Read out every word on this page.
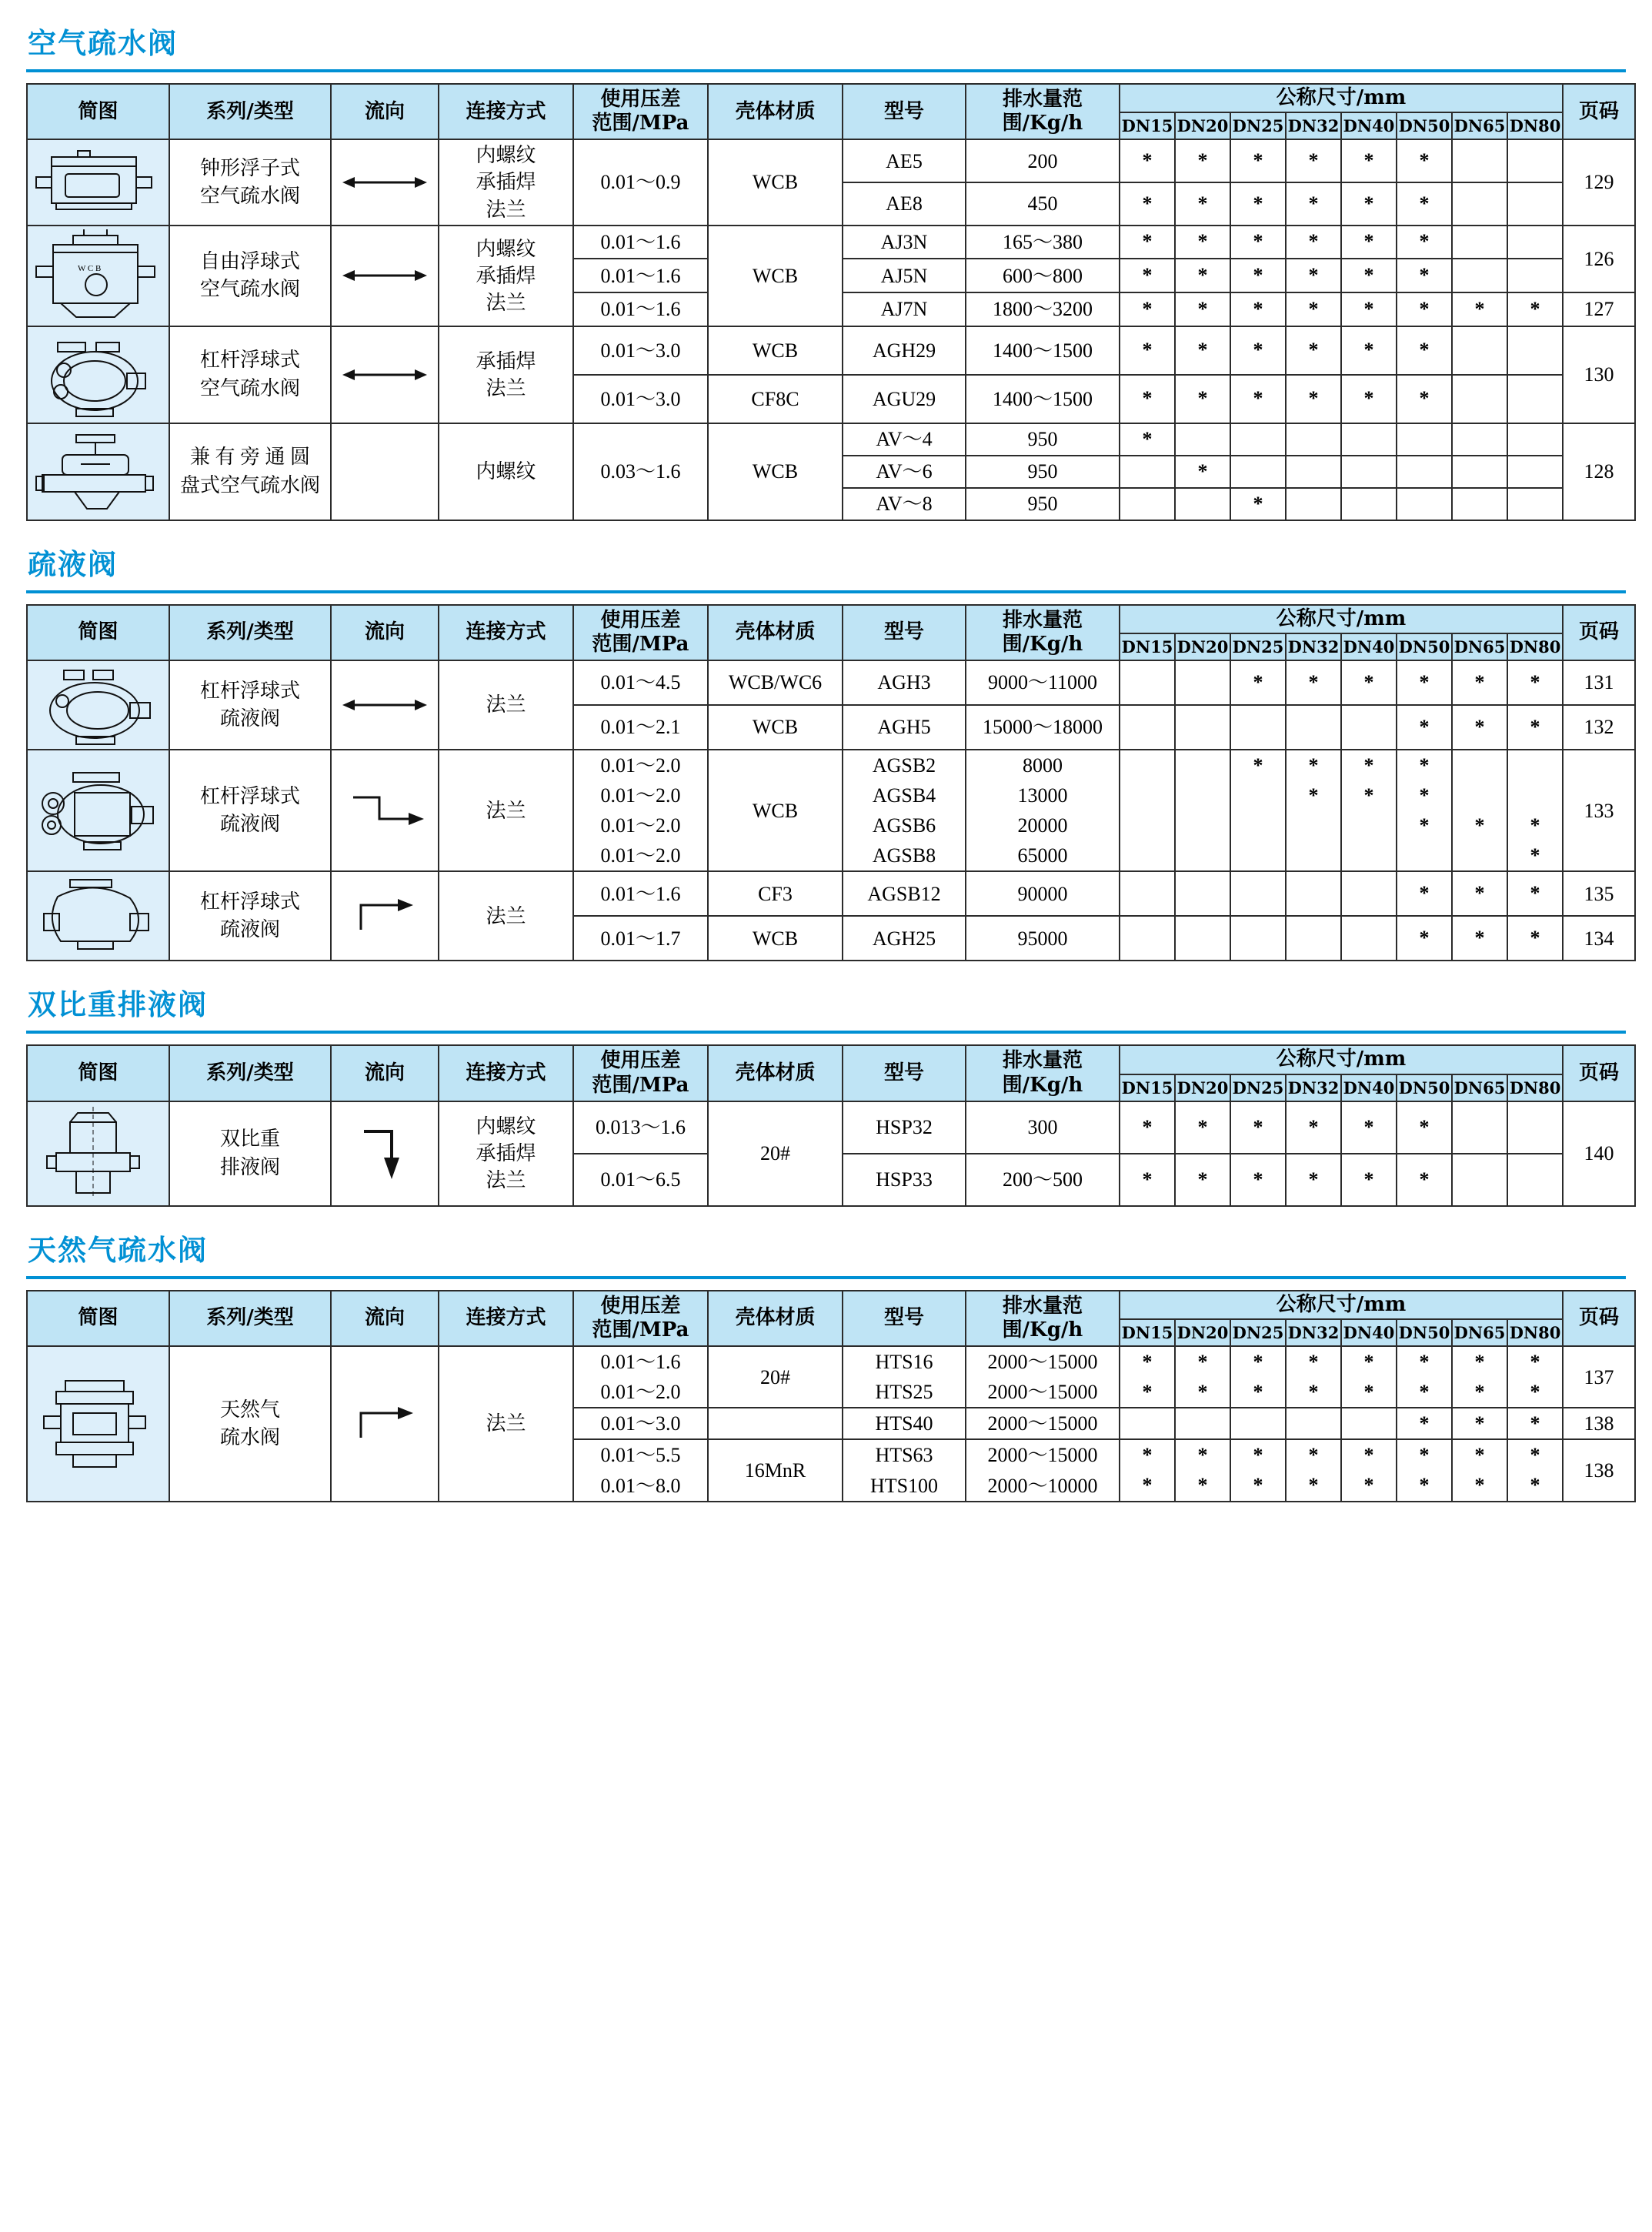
空气疏水阀
简图	系列/类型	流向	连接方式	
使用压差
范围/MPa
	壳体材质	型号	
排水量范
围/Kg/h
	公称尺寸/mm	页码
								DN15	DN20	DN25	DN32	DN40	DN50	DN65	DN80	

钟形浮子式
空气疏水阀

内螺纹
承插焊
法兰
	0.01～0.9	WCB	AE5	200	*	*	*	*	*	*			129
						AE8	450	*	*	*	*	*	*			

W C B	自由浮球式
空气疏水阀

内螺纹
承插焊
法兰
	0.01～1.6	WCB	AJ3N	165～380	*	*	*	*	*	*			126
				0.01～1.6		AJ5N	600～800	*	*	*	*	*	*			
				0.01～1.6		AJ7N	1800～3200	*	*	*	*	*	*	*	*	127

杠杆浮球式
空气疏水阀

承插焊
法兰
	0.01～3.0	WCB	AGH29	1400～1500	*	*	*	*	*	*			130
				0.01～3.0	CF8C	AGU29	1400～1500	*	*	*	*	*	*			

兼 有 旁 通 圆
盘式空气疏水阀		内螺纹	0.03～1.6	WCB	AV～4	950	*								128
						AV～6	950		*							
						AV～8	950			*						
疏液阀
简图	系列/类型	流向	连接方式	
使用压差
范围/MPa
	壳体材质	型号	
排水量范
围/Kg/h
	公称尺寸/mm	页码
								DN15	DN20	DN25	DN32	DN40	DN50	DN65	DN80	

杠杆浮球式
疏液阀		法兰	0.01～4.5	WCB/WC6	AGH3	9000～11000			*	*	*	*	*	*	131
				0.01～2.1	WCB	AGH5	15000～18000						*	*	*	132

杠杆浮球式
疏液阀		法兰	0.01～2.0	WCB	AGSB2	8000			*	*	*	*			133
				0.01～2.0		AGSB4	13000				*	*	*			
				0.01～2.0		AGSB6	20000						*	*	*	
				0.01～2.0		AGSB8	65000								*	

杠杆浮球式
疏液阀		法兰	0.01～1.6	CF3	AGSB12	90000						*	*	*	135
				0.01～1.7	WCB	AGH25	95000						*	*	*	134
双比重排液阀
简图	系列/类型	流向	连接方式	
使用压差
范围/MPa
	壳体材质	型号	
排水量范
围/Kg/h
	公称尺寸/mm	页码
								DN15	DN20	DN25	DN32	DN40	DN50	DN65	DN80	

双比重
排液阀

内螺纹
承插焊
法兰
	0.013～1.6	20#	HSP32	300	*	*	*	*	*	*			140
				0.01～6.5		HSP33	200～500	*	*	*	*	*	*			
天然气疏水阀
简图	系列/类型	流向	连接方式	
使用压差
范围/MPa
	壳体材质	型号	
排水量范
围/Kg/h
	公称尺寸/mm	页码
								DN15	DN20	DN25	DN32	DN40	DN50	DN65	DN80	

天然气
疏水阀		法兰	0.01～1.6	20#	HTS16	2000～15000	*	*	*	*	*	*	*	*	137
				0.01～2.0		HTS25	2000～15000	*	*	*	*	*	*	*	*	
				0.01～3.0		HTS40	2000～15000						*	*	*	138
				0.01～5.5	16MnR	HTS63	2000～15000	*	*	*	*	*	*	*	*	138
				0.01～8.0		HTS100	2000～10000	*	*	*	*	*	*	*	*	
